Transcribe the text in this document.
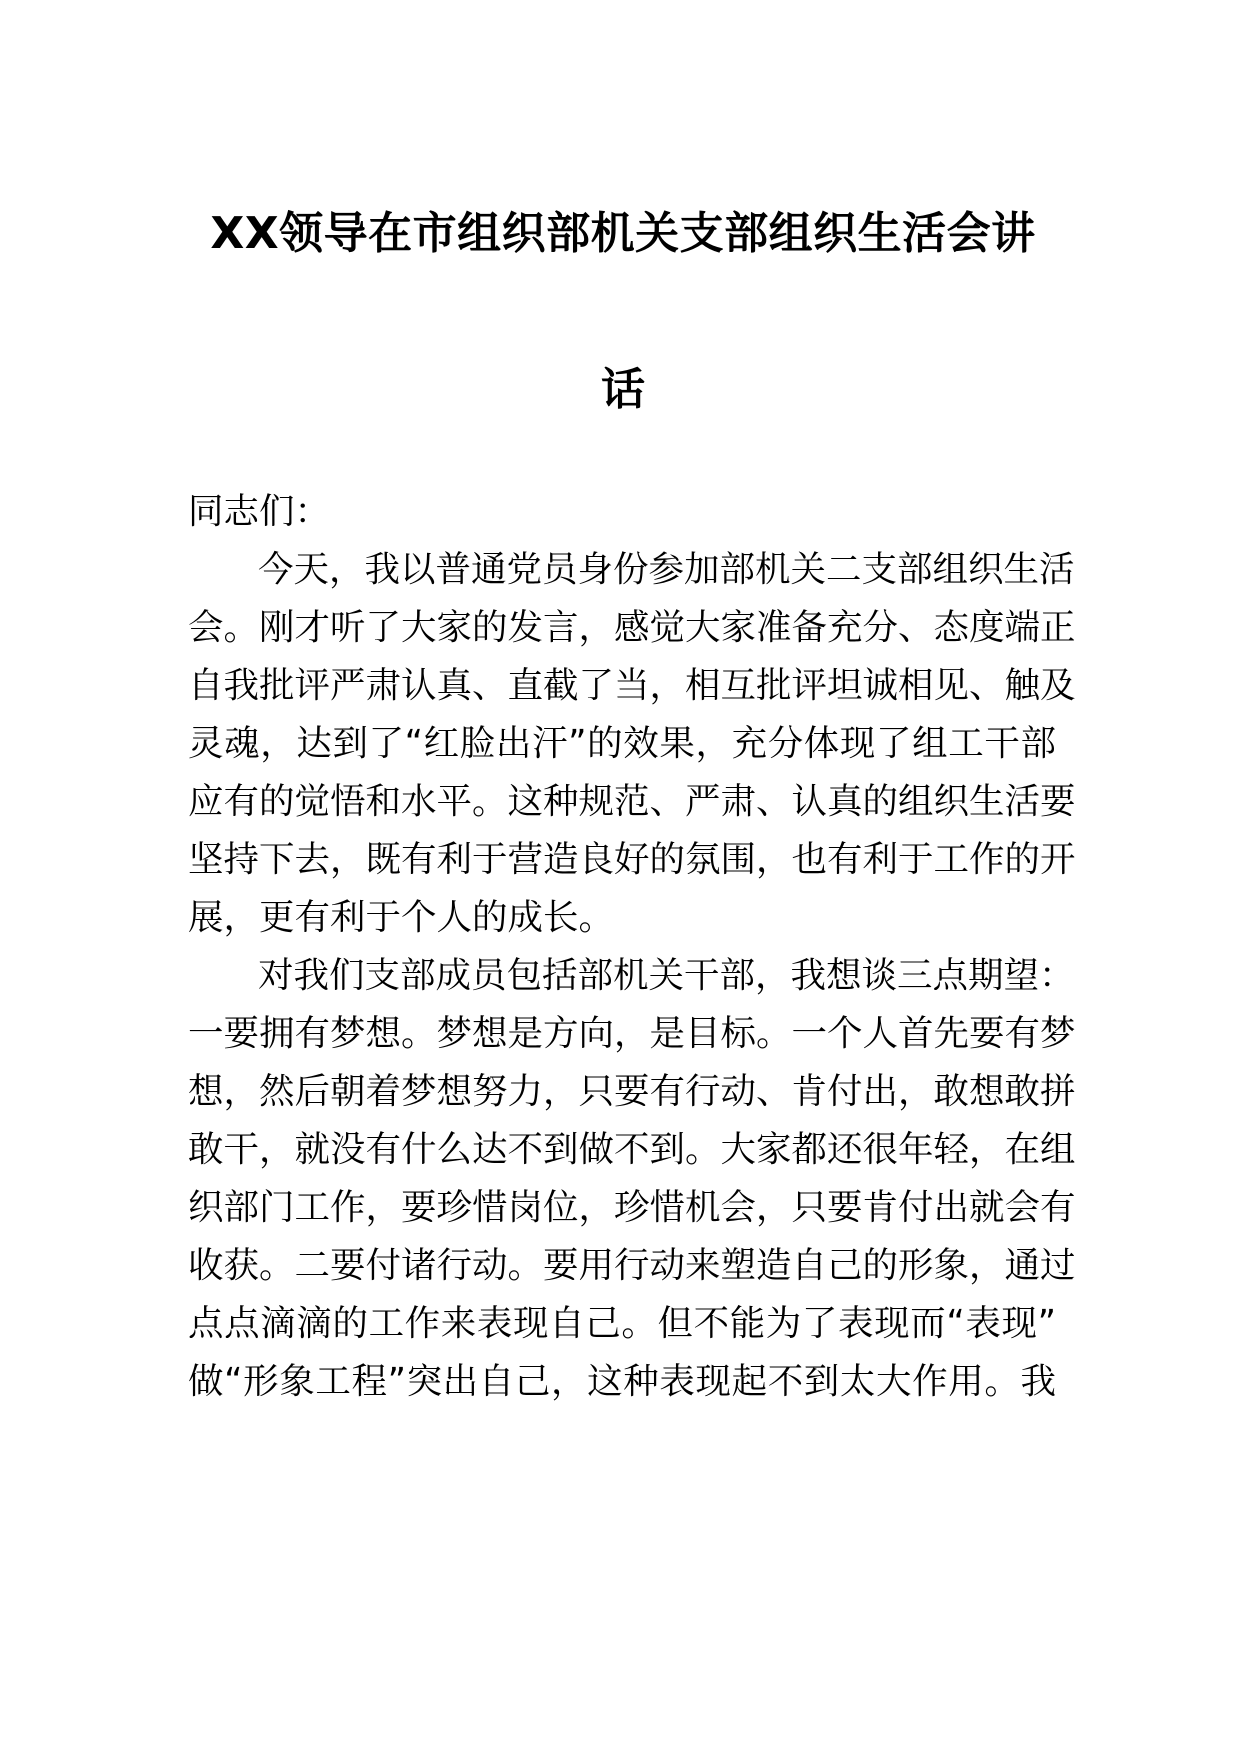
XX领导在市组织部机关支部组织生活会讲
话

同志们：

今天，我以普通党员身份参加部机关二支部组织生活

会。刚才听了大家的发言，感觉大家准备充分、态度端正

自我批评严肃认真、直截了当，相互批评坦诚相见、触及

灵魂，达到了“红脸出汗”的效果，充分体现了组工干部

应有的觉悟和水平。这种规范、严肃、认真的组织生活要

坚持下去，既有利于营造良好的氛围，也有利于工作的开

展，更有利于个人的成长。

对我们支部成员包括部机关干部，我想谈三点期望：

一要拥有梦想。梦想是方向，是目标。一个人首先要有梦

想，然后朝着梦想努力，只要有行动、肯付出，敢想敢拼

敢干，就没有什么达不到做不到。大家都还很年轻，在组

织部门工作，要珍惜岗位，珍惜机会，只要肯付出就会有

收获。二要付诸行动。要用行动来塑造自己的形象，通过

点点滴滴的工作来表现自己。但不能为了表现而“表现”

做“形象工程”突出自己，这种表现起不到太大作用。我
